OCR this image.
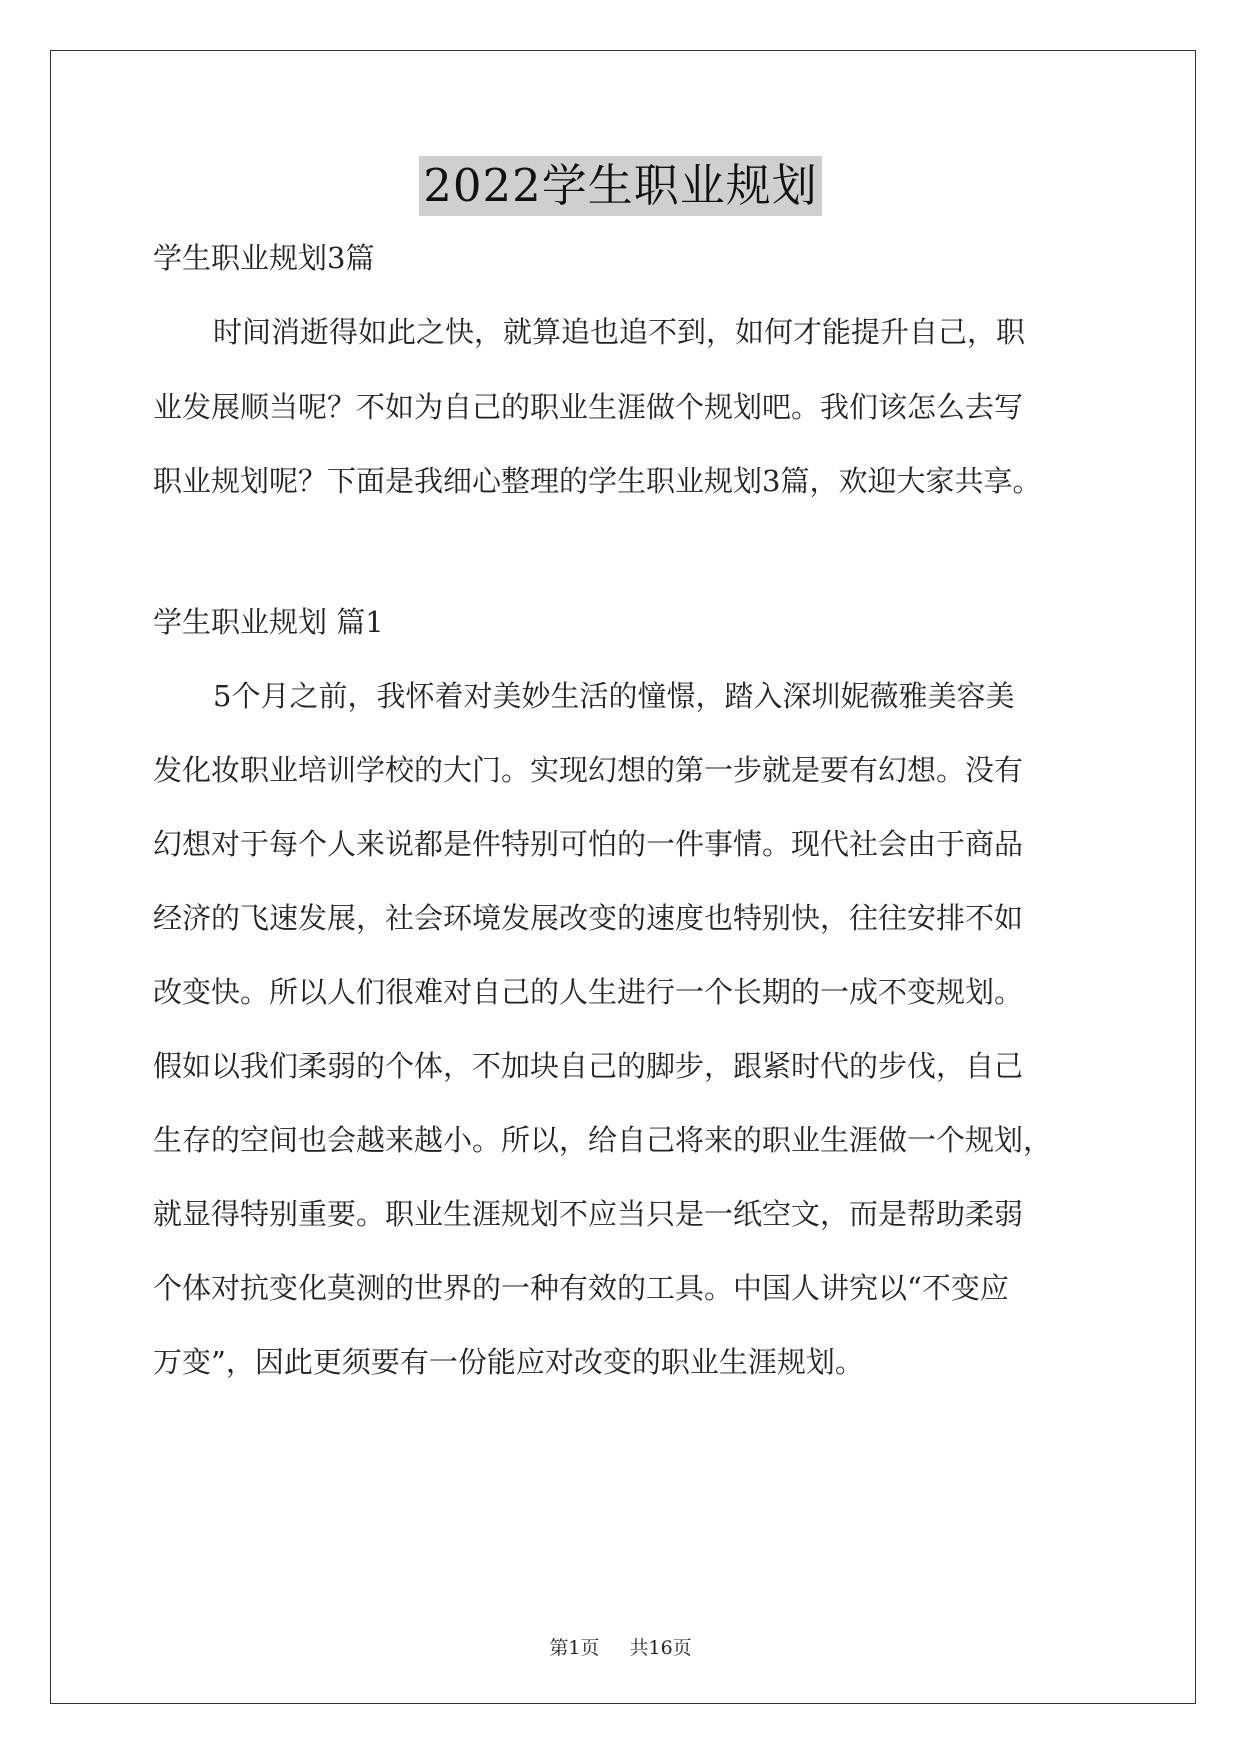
2022学生职业规划
学生职业规划3篇
时间消逝得如此之快，就算追也追不到，如何才能提升自己，职
业发展顺当呢？不如为自己的职业生涯做个规划吧。我们该怎么去写
职业规划呢？下面是我细心整理的学生职业规划3篇，欢迎大家共享。
学生职业规划 篇1
5个月之前，我怀着对美妙生活的憧憬，踏入深圳妮薇雅美容美
发化妆职业培训学校的大门。实现幻想的第一步就是要有幻想。没有
幻想对于每个人来说都是件特别可怕的一件事情。现代社会由于商品
经济的飞速发展，社会环境发展改变的速度也特别快，往往安排不如
改变快。所以人们很难对自己的人生进行一个长期的一成不变规划。
假如以我们柔弱的个体，不加块自己的脚步，跟紧时代的步伐，自己
生存的空间也会越来越小。所以，给自己将来的职业生涯做一个规划，
就显得特别重要。职业生涯规划不应当只是一纸空文，而是帮助柔弱
个体对抗变化莫测的世界的一种有效的工具。中国人讲究以“不变应
万变”，因此更须要有一份能应对改变的职业生涯规划。
第1页 共16页
